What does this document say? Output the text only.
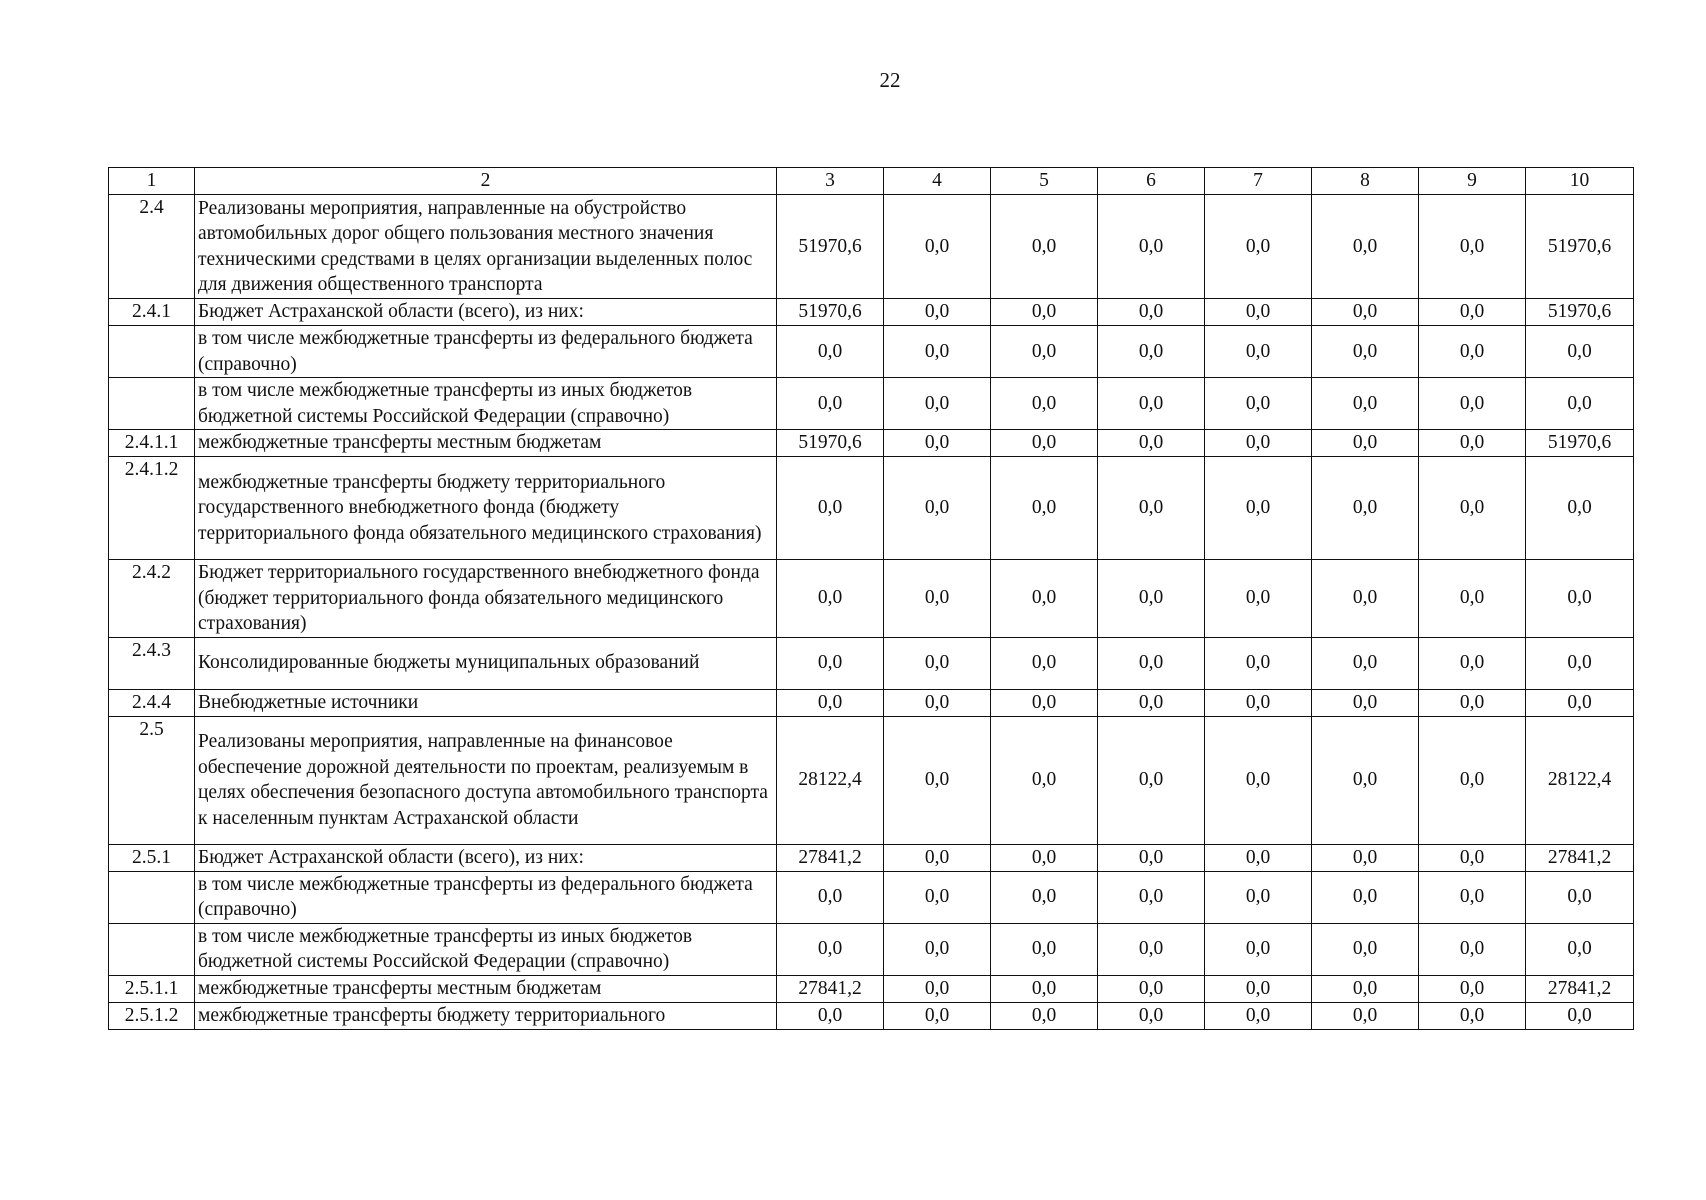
22
1	2	3	4	5	6	7	8	9	10
2.4	Реализованы мероприятия, направленные на обустройство автомобильных дорог общего пользования местного значения техническими средствами в целях организации выделенных полос для движения общественного транспорта	51970,6	0,0	0,0	0,0	0,0	0,0	0,0	51970,6
2.4.1	Бюджет Астраханской области (всего), из них:	51970,6	0,0	0,0	0,0	0,0	0,0	0,0	51970,6
	в том числе межбюджетные трансферты из федерального бюджета (справочно)	0,0	0,0	0,0	0,0	0,0	0,0	0,0	0,0
	в том числе межбюджетные трансферты из иных бюджетов бюджетной системы Российской Федерации (справочно)	0,0	0,0	0,0	0,0	0,0	0,0	0,0	0,0
2.4.1.1	межбюджетные трансферты местным бюджетам	51970,6	0,0	0,0	0,0	0,0	0,0	0,0	51970,6
2.4.1.2	межбюджетные трансферты бюджету территориального государственного внебюджетного фонда (бюджету территориального фонда обязательного медицинского страхования)	0,0	0,0	0,0	0,0	0,0	0,0	0,0	0,0
2.4.2	Бюджет территориального государственного внебюджетного фонда (бюджет территориального фонда обязательного медицинского страхования)	0,0	0,0	0,0	0,0	0,0	0,0	0,0	0,0
2.4.3	Консолидированные бюджеты муниципальных образований	0,0	0,0	0,0	0,0	0,0	0,0	0,0	0,0
2.4.4	Внебюджетные источники	0,0	0,0	0,0	0,0	0,0	0,0	0,0	0,0
2.5	Реализованы мероприятия, направленные на финансовое обеспечение дорожной деятельности по проектам, реализуемым в целях обеспечения безопасного доступа автомобильного транспорта к населенным пунктам Астраханской области	28122,4	0,0	0,0	0,0	0,0	0,0	0,0	28122,4
2.5.1	Бюджет Астраханской области (всего), из них:	27841,2	0,0	0,0	0,0	0,0	0,0	0,0	27841,2
	в том числе межбюджетные трансферты из федерального бюджета (справочно)	0,0	0,0	0,0	0,0	0,0	0,0	0,0	0,0
	в том числе межбюджетные трансферты из иных бюджетов бюджетной системы Российской Федерации (справочно)	0,0	0,0	0,0	0,0	0,0	0,0	0,0	0,0
2.5.1.1	межбюджетные трансферты местным бюджетам	27841,2	0,0	0,0	0,0	0,0	0,0	0,0	27841,2
2.5.1.2	межбюджетные трансферты бюджету территориального	0,0	0,0	0,0	0,0	0,0	0,0	0,0	0,0
